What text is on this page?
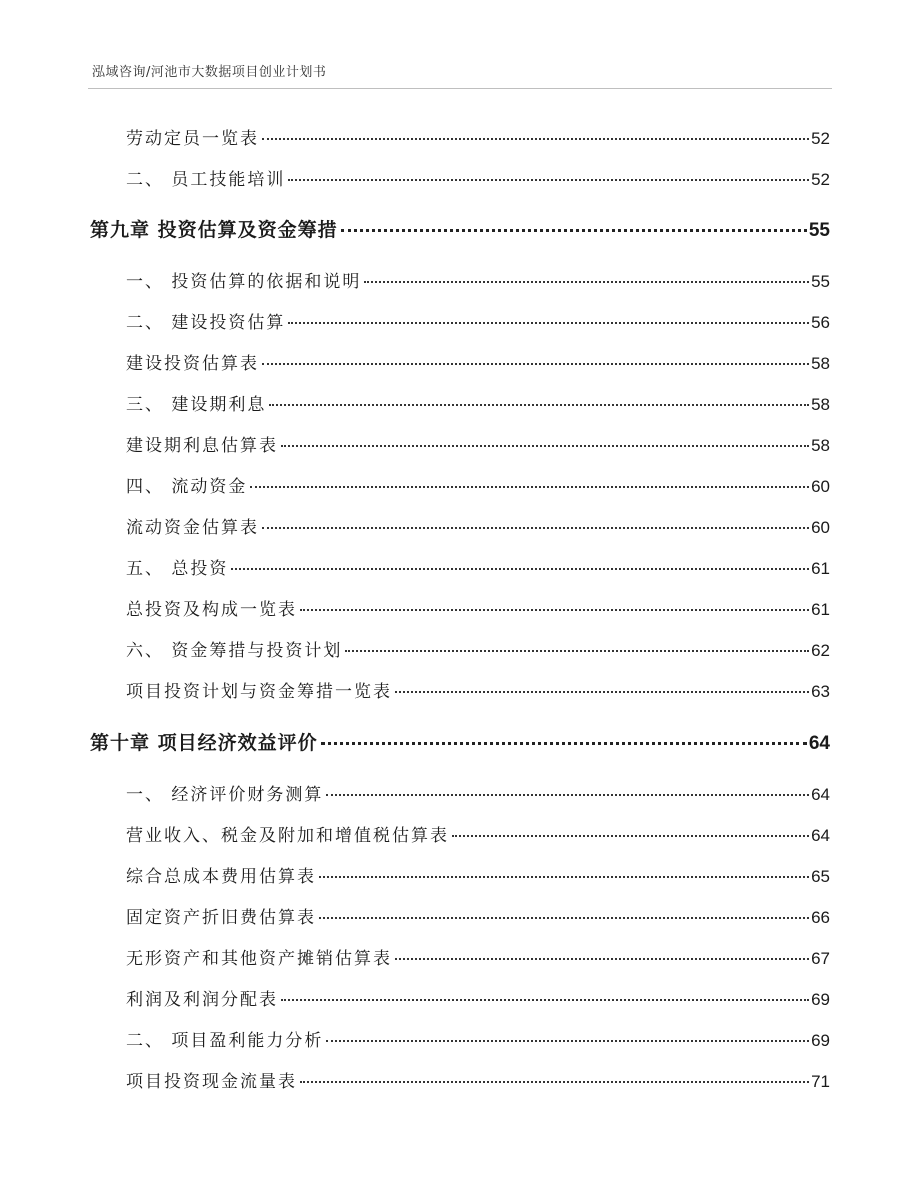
泓域咨询/河池市大数据项目创业计划书
劳动定员一览表	52
二、 员工技能培训	52
第九章 投资估算及资金筹措	55
一、 投资估算的依据和说明	55
二、 建设投资估算	56
建设投资估算表	58
三、 建设期利息	58
建设期利息估算表	58
四、 流动资金	60
流动资金估算表	60
五、 总投资	61
总投资及构成一览表	61
六、 资金筹措与投资计划	62
项目投资计划与资金筹措一览表	63
第十章 项目经济效益评价	64
一、 经济评价财务测算	64
营业收入、税金及附加和增值税估算表	64
综合总成本费用估算表	65
固定资产折旧费估算表	66
无形资产和其他资产摊销估算表	67
利润及利润分配表	69
二、 项目盈利能力分析	69
项目投资现金流量表	71
